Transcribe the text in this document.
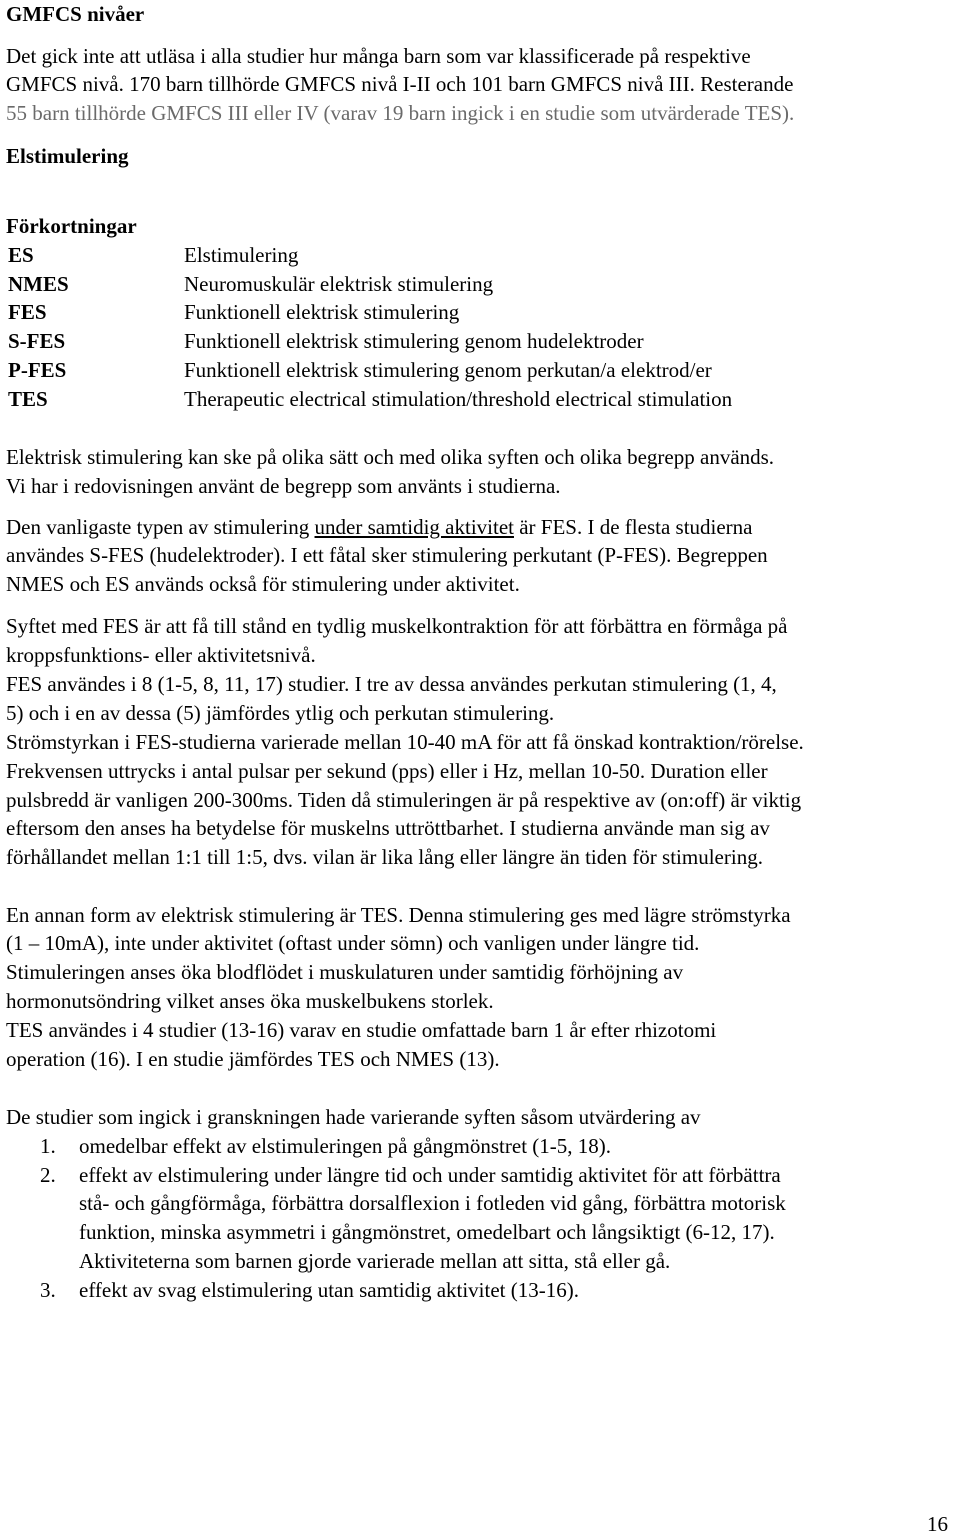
GMFCS nivåer
Det gick inte att utläsa i alla studier hur många barn som var klassificerade på respektive
GMFCS nivå. 170 barn tillhörde GMFCS nivå I-II och 101 barn GMFCS nivå III. Resterande
55 barn tillhörde GMFCS III eller IV (varav 19 barn ingick i en studie som utvärderade TES).
Elstimulering
Förkortningar
ES	Elstimulering
NMES	Neuromuskulär elektrisk stimulering
FES	Funktionell elektrisk stimulering
S-FES	Funktionell elektrisk stimulering genom hudelektroder
P-FES	Funktionell elektrisk stimulering genom perkutan/a elektrod/er
TES	Therapeutic electrical stimulation/threshold electrical stimulation
Elektrisk stimulering kan ske på olika sätt och med olika syften och olika begrepp används.
Vi har i redovisningen använt de begrepp som använts i studierna.
Den vanligaste typen av stimulering under samtidig aktivitet är FES. I de flesta studierna
användes S-FES (hudelektroder). I ett fåtal sker stimulering perkutant (P-FES). Begreppen
NMES och ES används också för stimulering under aktivitet.
Syftet med FES är att få till stånd en tydlig muskelkontraktion för att förbättra en förmåga på
kroppsfunktions- eller aktivitetsnivå.
FES användes i 8 (1-5, 8, 11, 17) studier. I tre av dessa användes perkutan stimulering (1, 4,
5) och i en av dessa (5) jämfördes ytlig och perkutan stimulering.
Strömstyrkan i FES-studierna varierade mellan 10-40 mA för att få önskad kontraktion/rörelse.
Frekvensen uttrycks i antal pulsar per sekund (pps) eller i Hz, mellan 10-50. Duration eller
pulsbredd är vanligen 200-300ms. Tiden då stimuleringen är på respektive av (on:off) är viktig
eftersom den anses ha betydelse för muskelns uttröttbarhet. I studierna använde man sig av
förhållandet mellan 1:1 till 1:5, dvs. vilan är lika lång eller längre än tiden för stimulering.
En annan form av elektrisk stimulering är TES. Denna stimulering ges med lägre strömstyrka
(1 – 10mA), inte under aktivitet (oftast under sömn) och vanligen under längre tid.
Stimuleringen anses öka blodflödet i muskulaturen under samtidig förhöjning av
hormonutsöndring vilket anses öka muskelbukens storlek.
TES användes i 4 studier (13-16) varav en studie omfattade barn 1 år efter rhizotomi
operation (16). I en studie jämfördes TES och NMES (13).
De studier som ingick i granskningen hade varierande syften såsom utvärdering av
1. omedelbar effekt av elstimuleringen på gångmönstret (1-5, 18).
2. effekt av elstimulering under längre tid och under samtidig aktivitet för att förbättra
stå- och gångförmåga, förbättra dorsalflexion i fotleden vid gång, förbättra motorisk
funktion, minska asymmetri i gångmönstret, omedelbart och långsiktigt (6-12, 17).
Aktiviteterna som barnen gjorde varierade mellan att sitta, stå eller gå.
3. effekt av svag elstimulering utan samtidig aktivitet (13-16).
16
